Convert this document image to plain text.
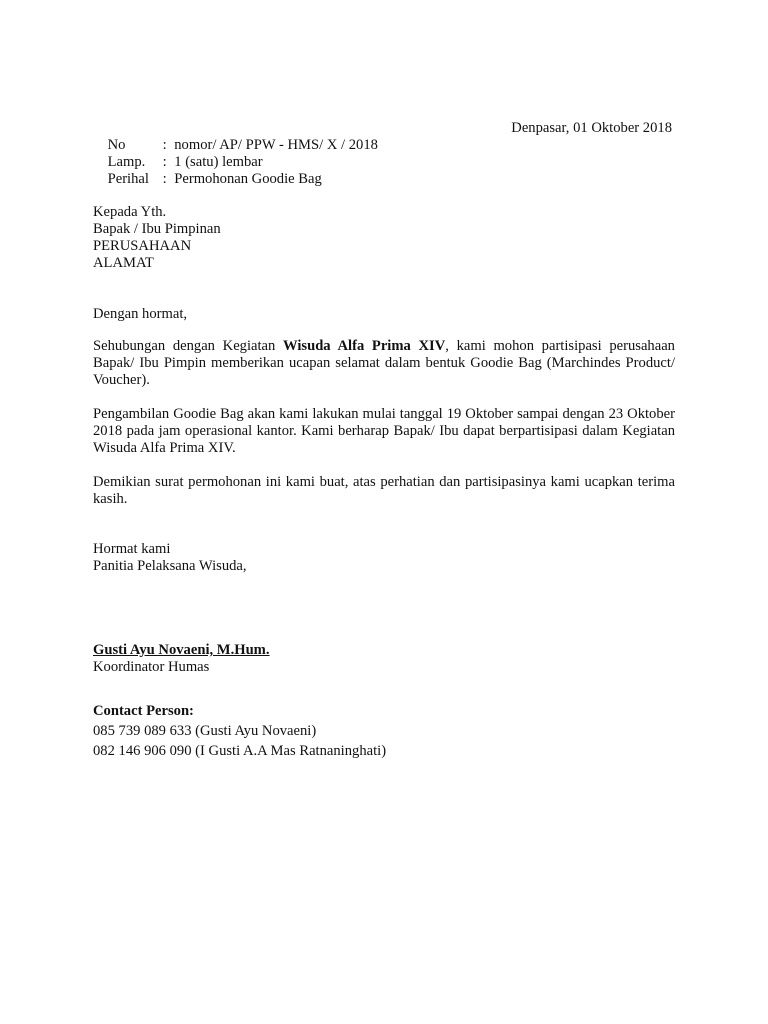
No	: nomor/ AP/ PPW - HMS/ X / 2018

Denpasar, 01 Oktober 2018

Lamp. : 1 (satu) lembar

Perihal : Permohonan Goodie Bag

Kepada Yth.
Bapak / Ibu Pimpinan
PERUSAHAAN
ALAMAT
Dengan hormat,
Sehubungan dengan Kegiatan Wisuda Alfa Prima XIV, kami mohon partisipasi perusahaan Bapak/ Ibu Pimpin memberikan ucapan selamat dalam bentuk Goodie Bag (Marchindes Product/ Voucher).
Pengambilan Goodie Bag akan kami lakukan mulai tanggal 19 Oktober sampai dengan 23 Oktober 2018 pada jam operasional kantor. Kami berharap Bapak/ Ibu dapat berpartisipasi dalam Kegiatan Wisuda Alfa Prima XIV.
Demikian surat permohonan ini kami buat, atas perhatian dan partisipasinya kami ucapkan terima kasih.
Hormat kami
Panitia Pelaksana Wisuda,
Gusti Ayu Novaeni, M.Hum.
Koordinator Humas
Contact Person:
085 739 089 633 (Gusti Ayu Novaeni)
082 146 906 090 (I Gusti A.A Mas Ratnaninghati)
